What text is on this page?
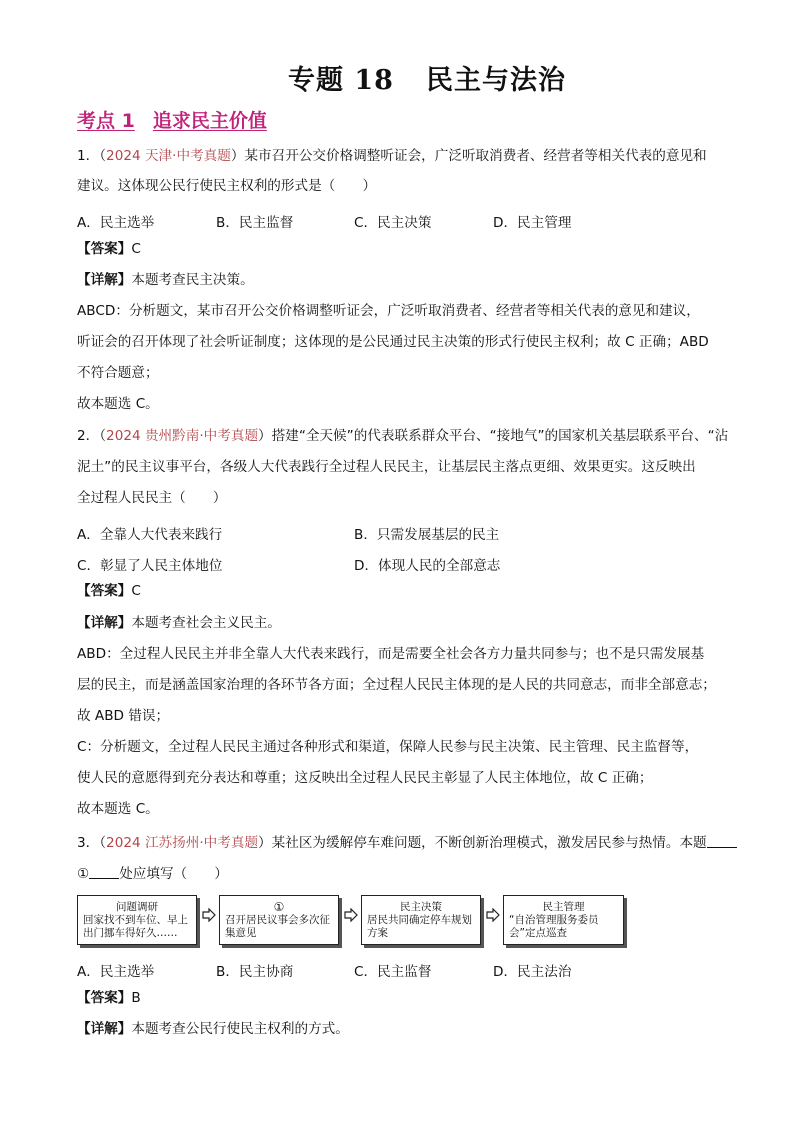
专题 18 民主与法治
考点 1 追求民主价值
1．（2024 天津·中考真题）某市召开公交价格调整听证会，广泛听取消费者、经营者等相关代表的意见和
建议。这体现公民行使民主权利的形式是（　　）
A．民主选举	B．民主监督	C．民主决策	D．民主管理
【答案】C
【详解】本题考查民主决策。
ABCD：分析题文，某市召开公交价格调整听证会，广泛听取消费者、经营者等相关代表的意见和建议，
听证会的召开体现了社会听证制度；这体现的是公民通过民主决策的形式行使民主权利；故 C 正确；ABD
不符合题意；
故本题选 C。
2．（2024 贵州黔南·中考真题）搭建“全天候”的代表联系群众平台、“接地气”的国家机关基层联系平台、“沾
泥土”的民主议事平台，各级人大代表践行全过程人民民主，让基层民主落点更细、效果更实。这反映出
全过程人民民主（　　）
A．全靠人大代表来践行	B．只需发展基层的民主
C．彰显了人民主体地位	D．体现人民的全部意志
【答案】C
【详解】本题考查社会主义民主。
ABD：全过程人民民主并非全靠人大代表来践行，而是需要全社会各方力量共同参与；也不是只需发展基
层的民主，而是涵盖国家治理的各环节各方面；全过程人民民主体现的是人民的共同意志，而非全部意志；
故 ABD 错误；
C：分析题文，全过程人民民主通过各种形式和渠道，保障人民参与民主决策、民主管理、民主监督等，
使人民的意愿得到充分表达和尊重；这反映出全过程人民民主彰显了人民主体地位，故 C 正确；
故本题选 C。
3．（2024 江苏扬州·中考真题）某社区为缓解停车难问题，不断创新治理模式，激发居民参与热情。本题
① 处应填写（　　）
问题调研
回家找不到车位、早上出门挪车得好久……
①
召开居民议事会多次征集意见
民主决策
居民共同确定停车规划方案
民主管理
“自治管理服务委员会”定点巡查
A．民主选举	B．民主协商	C．民主监督	D．民主法治
【答案】B
【详解】本题考查公民行使民主权利的方式。
